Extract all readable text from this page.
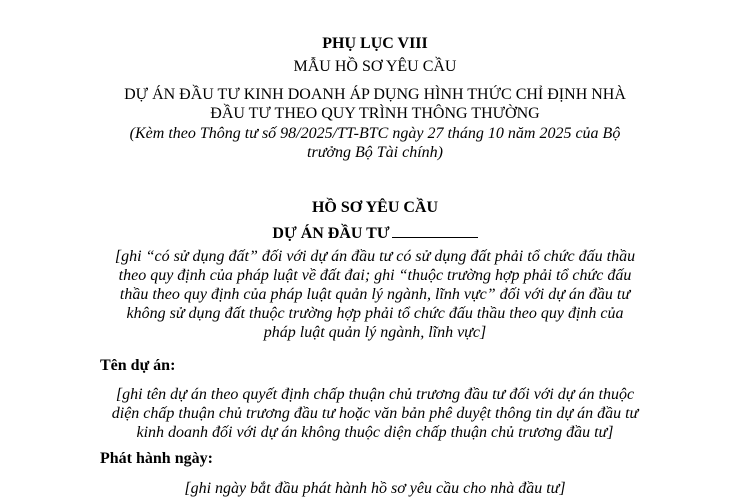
PHỤ LỤC VIII
MẪU HỒ SƠ YÊU CẦU
DỰ ÁN ĐẦU TƯ KINH DOANH ÁP DỤNG HÌNH THỨC CHỈ ĐỊNH NHÀ
ĐẦU TƯ THEO QUY TRÌNH THÔNG THƯỜNG
(Kèm theo Thông tư số 98/2025/TT-BTC ngày 27 tháng 10 năm 2025 của Bộ
trưởng Bộ Tài chính)
HỒ SƠ YÊU CẦU
DỰ ÁN ĐẦU TƯ
[ghi “có sử dụng đất” đối với dự án đầu tư có sử dụng đất phải tổ chức đấu thầu
theo quy định của pháp luật về đất đai; ghi “thuộc trường hợp phải tổ chức đấu
thầu theo quy định của pháp luật quản lý ngành, lĩnh vực” đối với dự án đầu tư
không sử dụng đất thuộc trường hợp phải tổ chức đấu thầu theo quy định của
pháp luật quản lý ngành, lĩnh vực]
Tên dự án:
[ghi tên dự án theo quyết định chấp thuận chủ trương đầu tư đối với dự án thuộc
diện chấp thuận chủ trương đầu tư hoặc văn bản phê duyệt thông tin dự án đầu tư
kinh doanh đối với dự án không thuộc diện chấp thuận chủ trương đầu tư]
Phát hành ngày:
[ghi ngày bắt đầu phát hành hồ sơ yêu cầu cho nhà đầu tư]
